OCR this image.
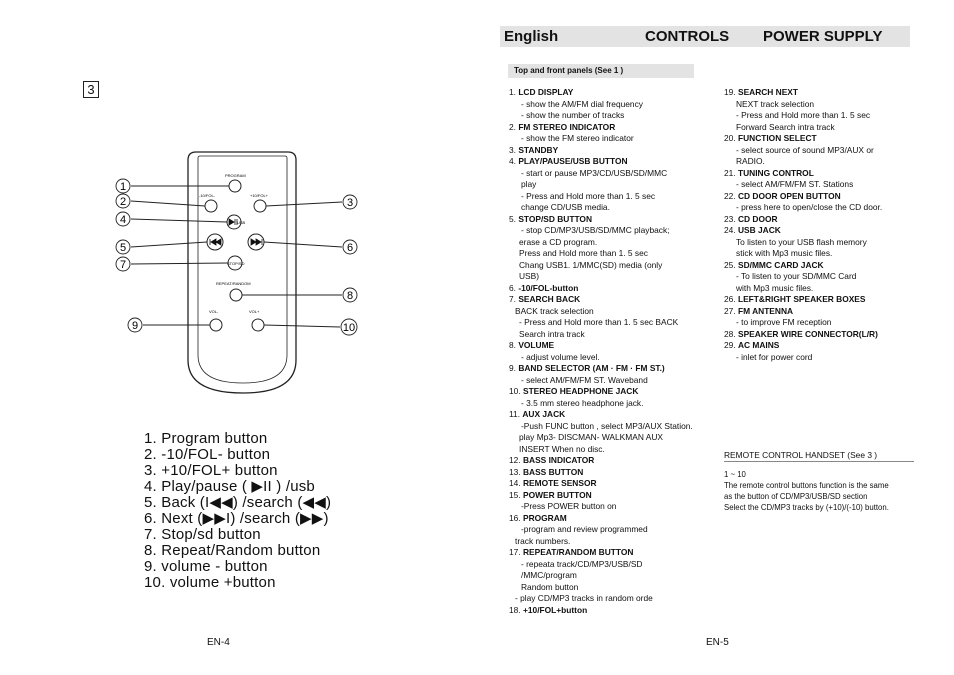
3
PROGRAM
-10/FOL-	+10/FOL+
USB
STOP/SD
REPEAT/RANDOM
VOL-	VOL+
1
2	3
4
5	6
7
8
9	10
1. Program button
2. -10/FOL- button
3. +10/FOL+ button
4. Play/pause ( ▶II ) /usb
5. Back (I◀◀) /search (◀◀)
6. Next (▶▶I) /search (▶▶)
7. Stop/sd button
8. Repeat/Random button
9. volume - button
10. volume +button
EN-4
English	CONTROLS POWER SUPPLY
Top and front panels (See 1 )
1. LCD DISPLAY
- show the AM/FM dial frequency
- show the number of tracks
2. FM STEREO INDICATOR
- show the FM stereo indicator
3. STANDBY
4. PLAY/PAUSE/USB BUTTON
- start or pause MP3/CD/USB/SD/MMC
play
- Press and Hold more than 1. 5 sec
change CD/USB media.
5. STOP/SD BUTTON
- stop CD/MP3/USB/SD/MMC playback;
erase a CD program.
Press and Hold more than 1. 5 sec
Chang USB1. 1/MMC(SD) media (only
USB)
6. -10/FOL-button
7. SEARCH BACK
BACK track selection
- Press and Hold more than 1. 5 sec BACK
Search intra track
8. VOLUME
- adjust volume level.
9. BAND SELECTOR (AM · FM · FM ST.)
- select AM/FM/FM ST. Waveband
10. STEREO HEADPHONE JACK
- 3.5 mm stereo headphone jack.
11. AUX JACK
-Push FUNC button , select MP3/AUX Station.
play Mp3- DISCMAN- WALKMAN AUX
INSERT When no disc.
12. BASS INDICATOR
13. BASS BUTTON
14. REMOTE SENSOR
15. POWER BUTTON
-Press POWER button on
16. PROGRAM
-program and review programmed
track numbers.
17. REPEAT/RANDOM BUTTON
- repeata track/CD/MP3/USB/SD
/MMC/program
Random button
- play CD/MP3 tracks in random orde
18. +10/FOL+button
19. SEARCH NEXT
NEXT track selection
- Press and Hold more than 1. 5 sec
Forward Search intra track
20. FUNCTION SELECT
- select source of sound MP3/AUX or
RADIO.
21. TUNING CONTROL
- select AM/FM/FM ST. Stations
22. CD DOOR OPEN BUTTON
- press here to open/close the CD door.
23. CD DOOR
24. USB JACK
To listen to your USB flash memory
stick with Mp3 music files.
25. SD/MMC CARD JACK
- To listen to your SD/MMC Card
with Mp3 music files.
26. LEFT&RIGHT SPEAKER BOXES
27. FM ANTENNA
- to improve FM reception
28. SPEAKER WIRE CONNECTOR(L/R)
29. AC MAINS
- inlet for power cord
REMOTE CONTROL HANDSET (See 3 )
1 ~ 10
The remote control buttons function is the same
as the button of CD/MP3/USB/SD section
Select the CD/MP3 tracks by (+10)/(-10) button.
EN-5
